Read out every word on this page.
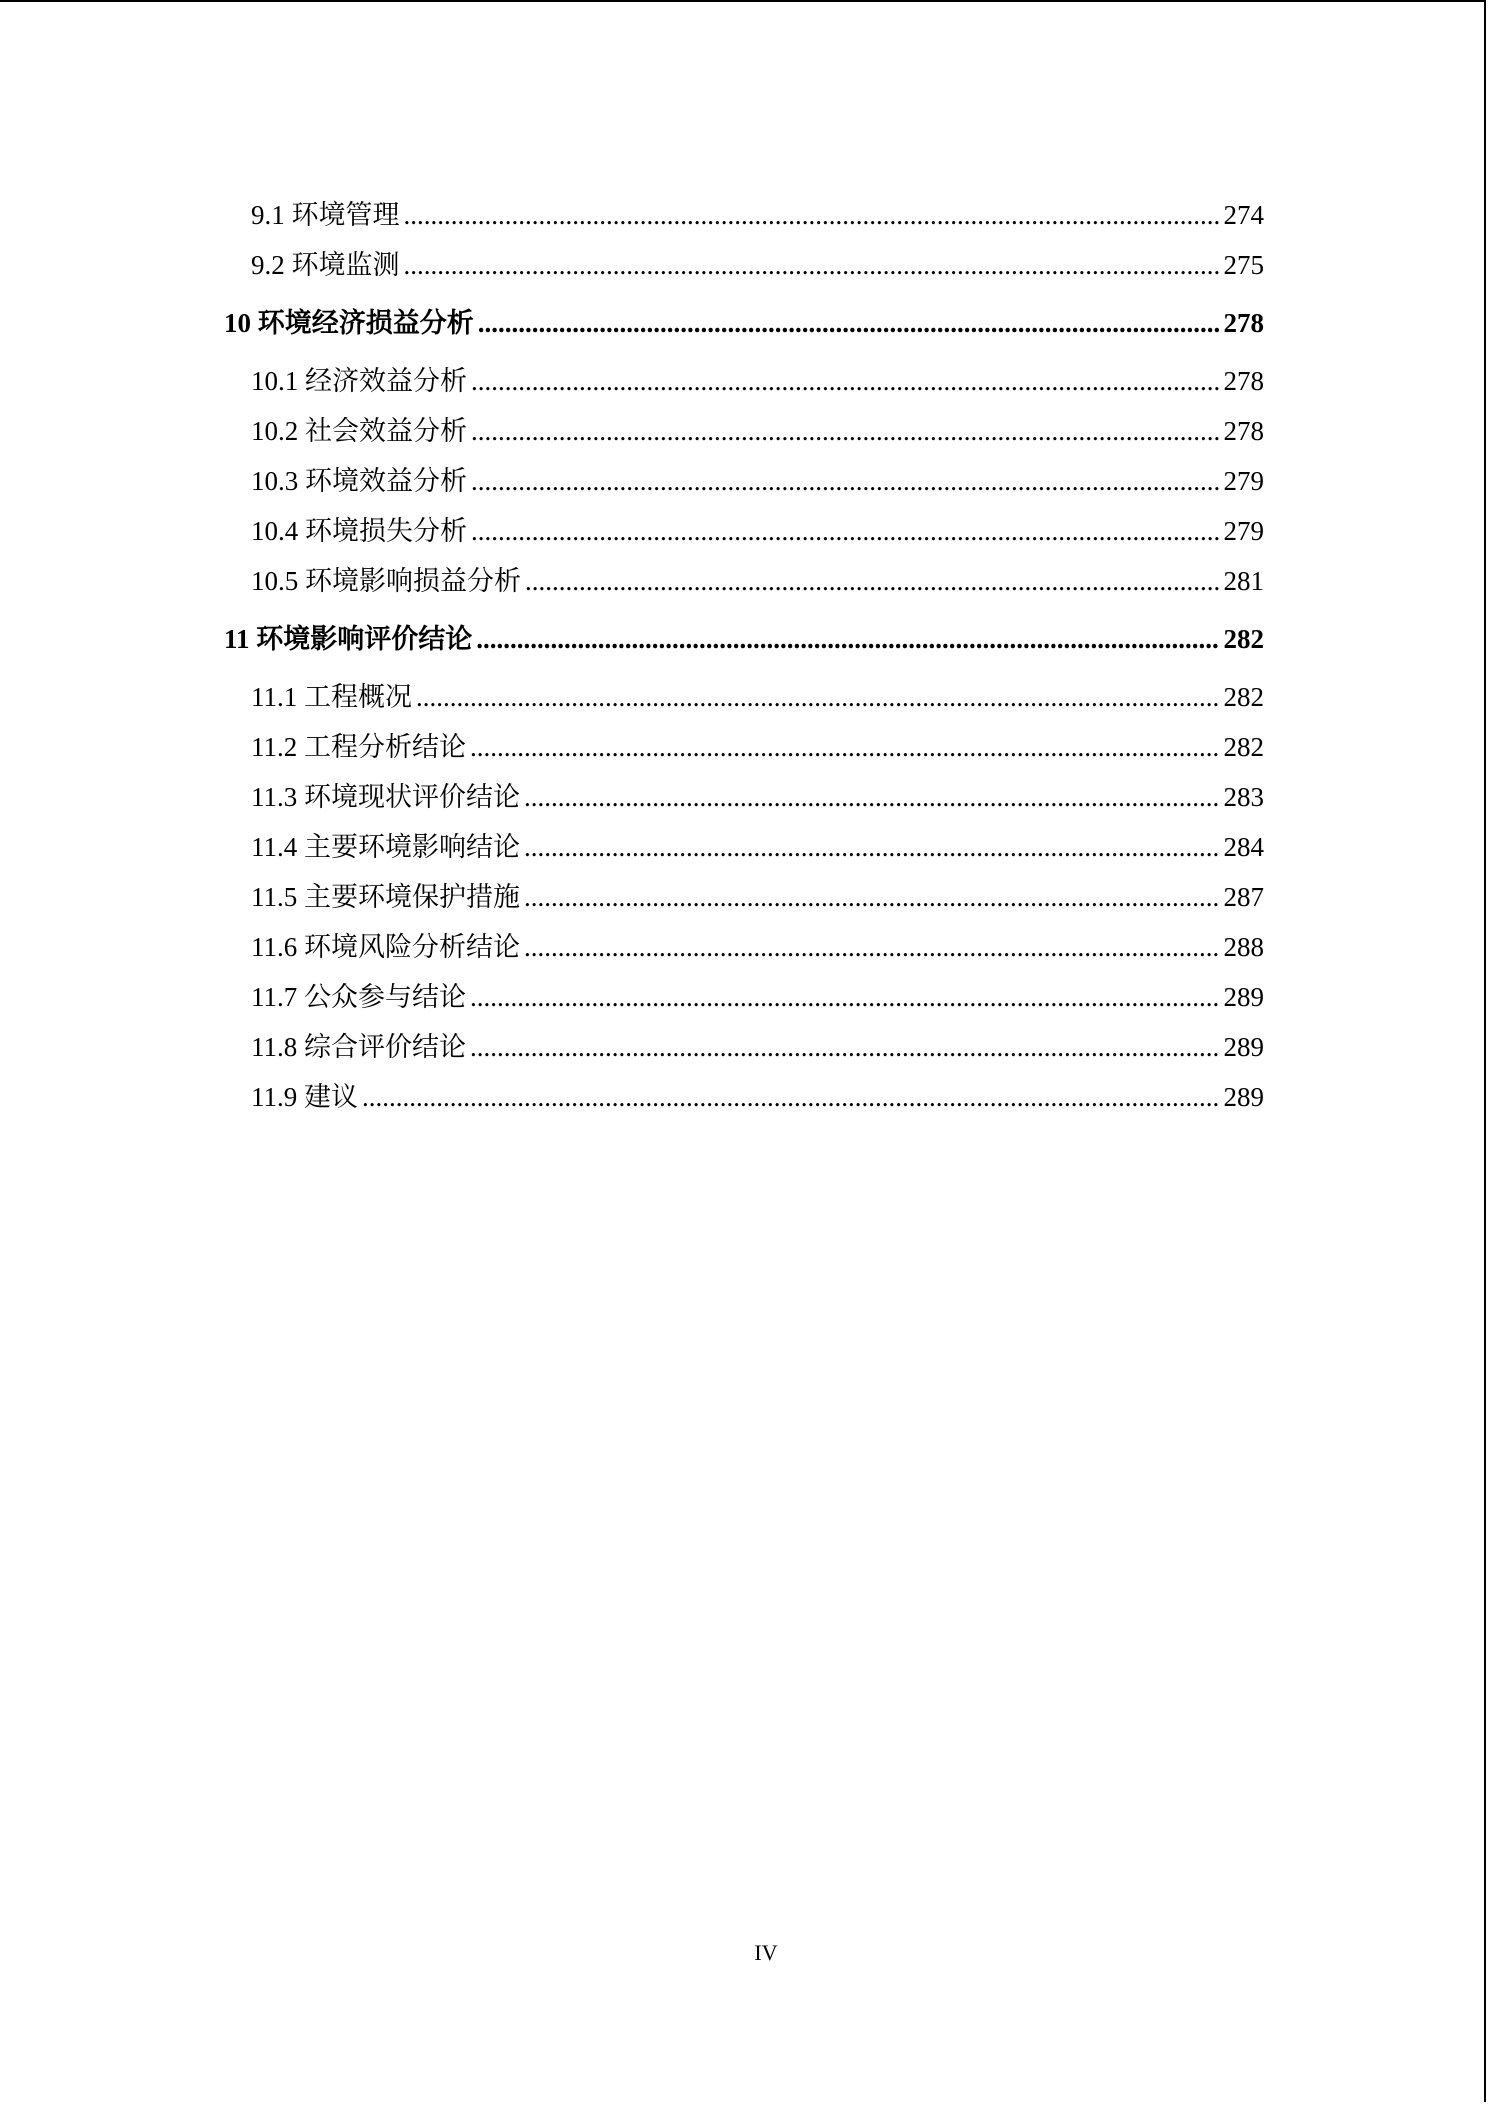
9.1 环境管理 .....	274
9.2 环境监测 .....	275
10 环境经济损益分析 .....	278
10.1 经济效益分析 .....	278
10.2 社会效益分析 .....	278
10.3 环境效益分析 .....	279
10.4 环境损失分析 .....	279
10.5 环境影响损益分析 .....	281
11 环境影响评价结论 .....	282
11.1 工程概况 .....	282
11.2 工程分析结论 .....	282
11.3 环境现状评价结论 .....	283
11.4 主要环境影响结论 .....	284
11.5 主要环境保护措施 .....	287
11.6 环境风险分析结论 .....	288
11.7 公众参与结论 .....	289
11.8 综合评价结论 .....	289
11.9 建议 .....	289
IV
